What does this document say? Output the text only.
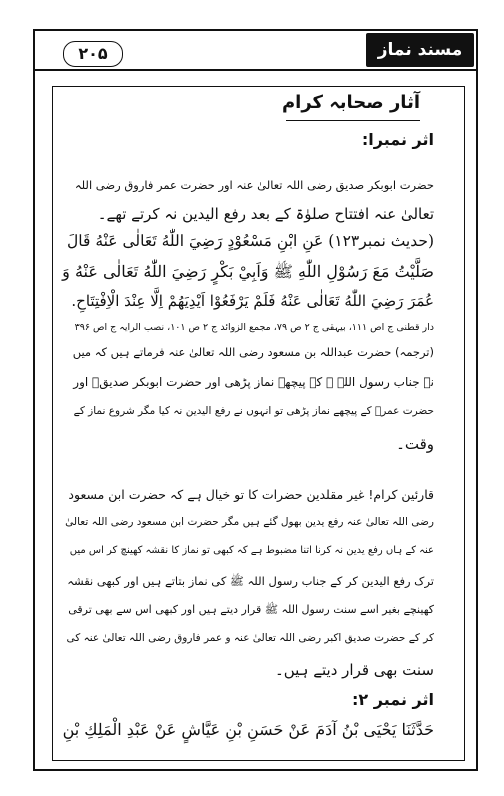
۲۰۵	مسند نماز حنفی
آثار صحابہ کرام
اثر نمبرا:
حضرت ابوبکر صدیق رضی اللہ تعالیٰ عنہ اور حضرت عمر فاروق رضی اللہ
تعالیٰ عنہ افتتاح صلوٰۃ کے بعد رفع الیدین نہ کرتے تھے۔
(حدیث نمبر۱۲۳) عَنِ ابْنِ مَسْعُوْدٍ رَضِيَ اللّٰهُ تَعَالٰى عَنْهُ قَالَ
صَلَّيْتُ مَعَ رَسُوْلِ اللّٰهِ ﷺ وَاَبِيْ بَكْرٍ رَضِيَ اللّٰهُ تَعَالٰى عَنْهُ وَ
عُمَرَ رَضِيَ اللّٰهُ تَعَالٰى عَنْهُ فَلَمْ يَرْفَعُوْا اَيْدِيَهُمْ اِلَّا عِنْدَ الْاِفْتِتَاحِ.
دار قطنی ج اص ۱۱۱، بیہقی ج ۲ ص ۷۹، مجمع الزوائد ج ۲ ص ۱۰۱، نصب الرایہ ج اص ۳۹۶
(ترجمہ) حضرت عبداللہ بن مسعود رضی اللہ تعالیٰ عنہ فرماتے ہیں کہ میں
نے جناب رسول اللہ ﷺ کے پیچھے نماز پڑھی اور حضرت ابوبکر صدیقؓ اور
حضرت عمرؓ کے پیچھے نماز پڑھی تو انہوں نے رفع الیدین نہ کیا مگر شروع نماز کے
وقت۔
قارئین کرام! غیر مقلدین حضرات کا تو خیال ہے کہ حضرت ابن مسعود
رضی اللہ تعالیٰ عنہ رفع یدین بھول گئے ہیں مگر حضرت ابن مسعود رضی اللہ تعالیٰ
عنہ کے ہاں رفع یدین نہ کرنا اتنا مضبوط ہے کہ کبھی تو نماز کا نقشہ کھینچ کر اس میں
ترک رفع الیدین کر کے جناب رسول اللہ ﷺ کی نماز بتاتے ہیں اور کبھی نقشہ
کھینچے بغیر اسے سنت رسول اللہ ﷺ قرار دیتے ہیں اور کبھی اس سے بھی ترقی
کر کے حضرت صدیق اکبر رضی اللہ تعالیٰ عنہ و عمر فاروق رضی اللہ تعالیٰ عنہ کی
سنت بھی قرار دیتے ہیں۔
اثر نمبر ۲:
حَدَّثَنَا يَحْيَى بْنُ آدَمَ عَنْ حَسَنِ بْنِ عَيَّاشٍ عَنْ عَبْدِ الْمَلِكِ بْنِ
